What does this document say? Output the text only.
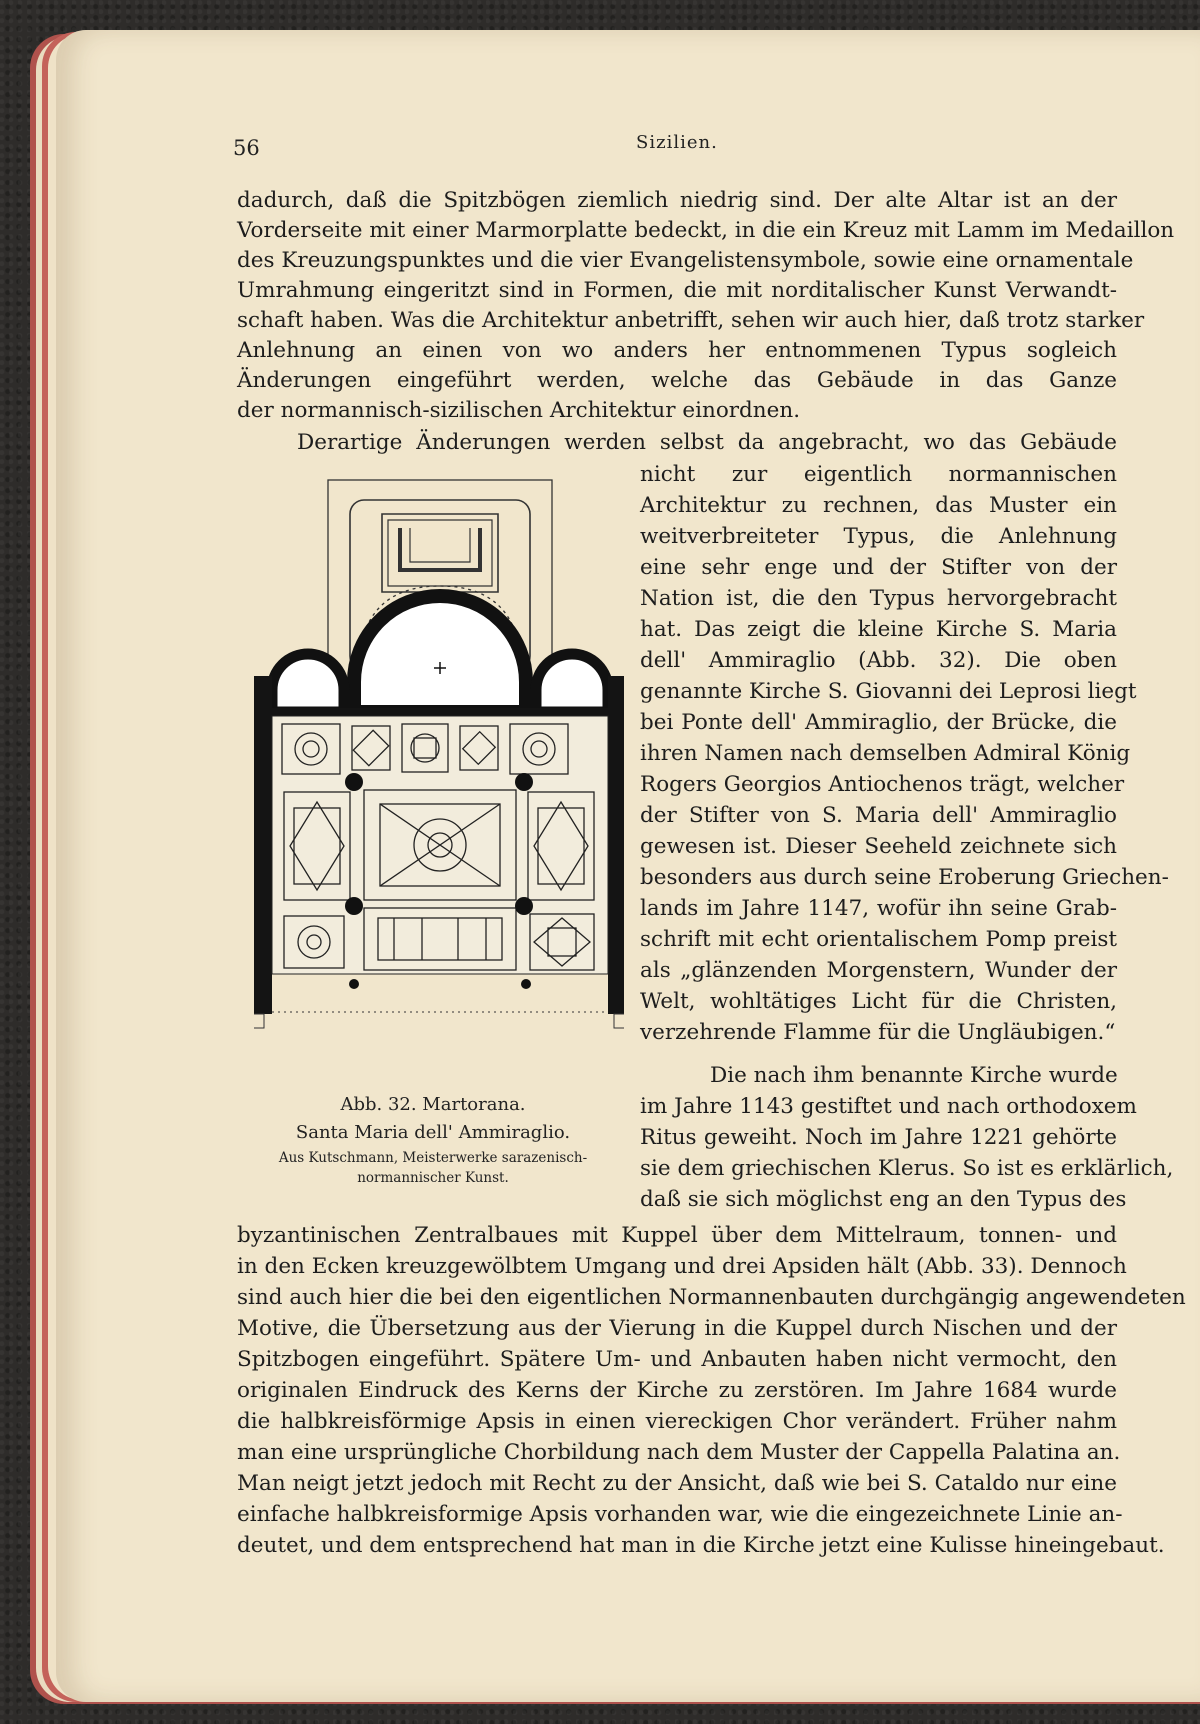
56	Sizilien.
dadurch, daß die Spitzbögen ziemlich niedrig sind. Der alte Altar ist an der
Vorderseite mit einer Marmorplatte bedeckt, in die ein Kreuz mit Lamm im Medaillon
des Kreuzungspunktes und die vier Evangelistensymbole, sowie eine ornamentale
Umrahmung eingeritzt sind in Formen, die mit norditalischer Kunst Verwandt-
schaft haben. Was die Architektur anbetrifft, sehen wir auch hier, daß trotz starker
Anlehnung an einen von wo anders her entnommenen Typus sogleich
Änderungen eingeführt werden, welche das Gebäude in das Ganze
der normannisch-sizilischen Architektur einordnen.
Derartige Änderungen werden selbst da angebracht, wo das Gebäude
nicht zur eigentlich normannischen
Architektur zu rechnen, das Muster ein
weitverbreiteter Typus, die Anlehnung
eine sehr enge und der Stifter von der
Nation ist, die den Typus hervorgebracht
hat. Das zeigt die kleine Kirche S. Maria
dell' Ammiraglio (Abb. 32). Die oben
genannte Kirche S. Giovanni dei Leprosi liegt
bei Ponte dell' Ammiraglio, der Brücke, die
ihren Namen nach demselben Admiral König
Rogers Georgios Antiochenos trägt, welcher
der Stifter von S. Maria dell' Ammiraglio
gewesen ist. Dieser Seeheld zeichnete sich
besonders aus durch seine Eroberung Griechen-
lands im Jahre 1147, wofür ihn seine Grab-
schrift mit echt orientalischem Pomp preist
als „glänzenden Morgenstern, Wunder der
Welt, wohltätiges Licht für die Christen,
verzehrende Flamme für die Ungläubigen.“
Die nach ihm benannte Kirche wurde
im Jahre 1143 gestiftet und nach orthodoxem
Ritus geweiht. Noch im Jahre 1221 gehörte
sie dem griechischen Klerus. So ist es erklärlich,
daß sie sich möglichst eng an den Typus des
byzantinischen Zentralbaues mit Kuppel über dem Mittelraum, tonnen- und
in den Ecken kreuzgewölbtem Umgang und drei Apsiden hält (Abb. 33). Dennoch
sind auch hier die bei den eigentlichen Normannenbauten durchgängig angewendeten
Motive, die Übersetzung aus der Vierung in die Kuppel durch Nischen und der
Spitzbogen eingeführt. Spätere Um- und Anbauten haben nicht vermocht, den
originalen Eindruck des Kerns der Kirche zu zerstören. Im Jahre 1684 wurde
die halbkreisförmige Apsis in einen viereckigen Chor verändert. Früher nahm
man eine ursprüngliche Chorbildung nach dem Muster der Cappella Palatina an.
Man neigt jetzt jedoch mit Recht zu der Ansicht, daß wie bei S. Cataldo nur eine
einfache halbkreisformige Apsis vorhanden war, wie die eingezeichnete Linie an-
deutet, und dem entsprechend hat man in die Kirche jetzt eine Kulisse hineingebaut.
Abb. 32. Martorana.
Santa Maria dell' Ammiraglio.
Aus Kutschmann, Meisterwerke sarazenisch-
normannischer Kunst.
